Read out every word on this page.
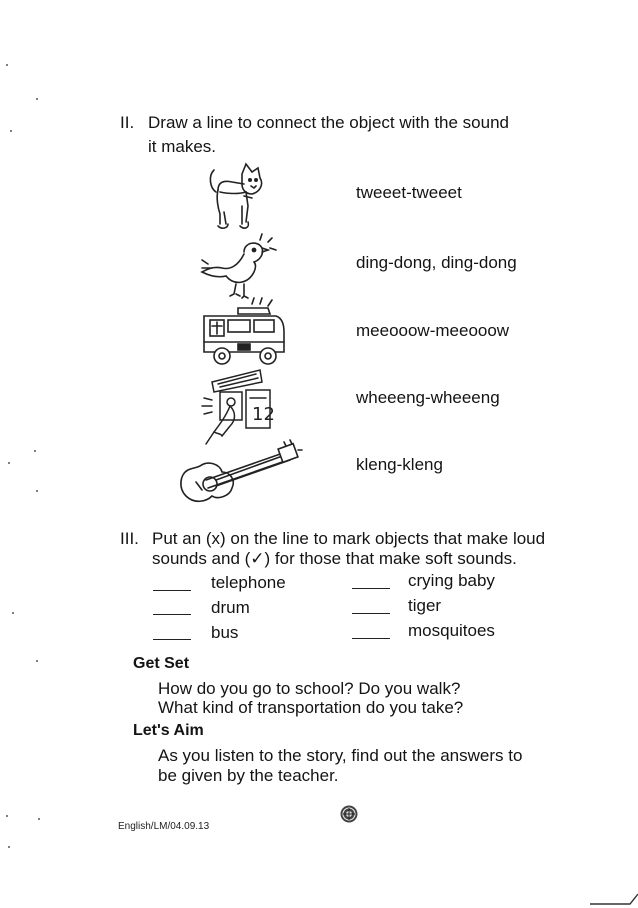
II. Draw a line to connect the object with the sound
it makes.
12
tweeet-tweeet
ding-dong, ding-dong
meeooow-meeooow
wheeeng-wheeeng
kleng-kleng
III. Put an (x) on the line to mark objects that make loud
sounds and (✓) for those that make soft sounds.
telephone
drum
bus
crying baby
tiger
mosquitoes
Get Set
How do you go to school? Do you walk?
What kind of transportation do you take?
Let's Aim
As you listen to the story, find out the answers to
be given by the teacher.
English/LM/04.09.13
